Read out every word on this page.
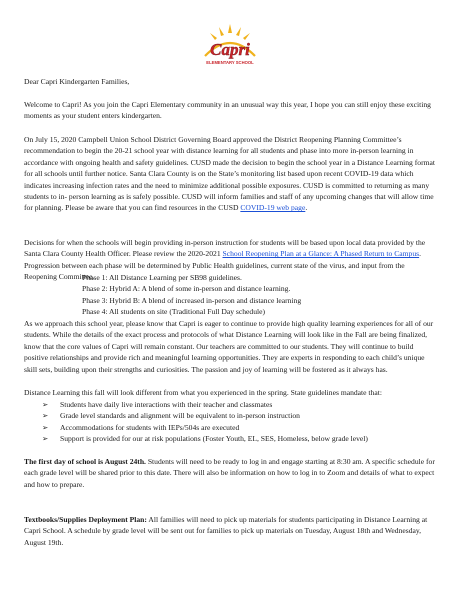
Capri
ELEMENTARY SCHOOL
Dear Capri Kindergarten Families,
Welcome to Capri! As you join the Capri Elementary community in an unusual way this year, I hope you can still enjoy these exciting moments as your student enters kindergarten.
On July 15, 2020 Campbell Union School District Governing Board approved the District Reopening Planning Committee’s recommendation to begin the 20-21 school year with distance learning for all students and phase into more in-person learning in accordance with ongoing health and safety guidelines. CUSD made the decision to begin the school year in a Distance Learning format for all schools until further notice. Santa Clara County is on the State’s monitoring list based upon recent COVID-19 data which indicates increasing infection rates and the need to minimize additional possible exposures. CUSD is committed to returning as many students to in- person learning as is safely possible. CUSD will inform families and staff of any upcoming changes that will allow time for planning. Please be aware that you can find resources in the CUSD COVID-19 web page.
Decisions for when the schools will begin providing in-person instruction for students will be based upon local data provided by the Santa Clara County Health Officer. Please review the 2020-2021 School Reopening Plan at a Glance: A Phased Return to Campus. Progression between each phase will be determined by Public Health guidelines, current state of the virus, and input from the Reopening Committee.

Phase 1: All Distance Learning per SB98 guidelines.

Phase 2: Hybrid A: A blend of some in-person and distance learning.

Phase 3: Hybrid B: A blend of increased in-person and distance learning

Phase 4: All students on site (Traditional Full Day schedule)

As we approach this school year, please know that Capri is eager to continue to provide high quality learning experiences for all of our students. While the details of the exact process and protocols of what Distance Learning will look like in the Fall are being finalized, know that the core values of Capri will remain constant. Our teachers are committed to our students. They will continue to build positive relationships and provide rich and meaningful learning opportunities. They are experts in responding to each child’s unique skill sets, building upon their strengths and curiosities. The passion and joy of learning will be fostered as it always has.
Distance Learning this fall will look different from what you experienced in the spring. State guidelines mandate that:
➢ Students have daily live interactions with their teacher and classmates
➢ Grade level standards and alignment will be equivalent to in-person instruction
➢ Accommodations for students with IEPs/504s are executed
➢ Support is provided for our at risk populations (Foster Youth, EL, SES, Homeless, below grade level)
The first day of school is August 24th. Students will need to be ready to log in and engage starting at 8:30 am. A specific schedule for each grade level will be shared prior to this date. There will also be information on how to log in to Zoom and details of what to expect and how to prepare.
Textbooks/Supplies Deployment Plan: All families will need to pick up materials for students participating in Distance Learning at Capri School. A schedule by grade level will be sent out for families to pick up materials on Tuesday, August 18th and Wednesday, August 19th.
